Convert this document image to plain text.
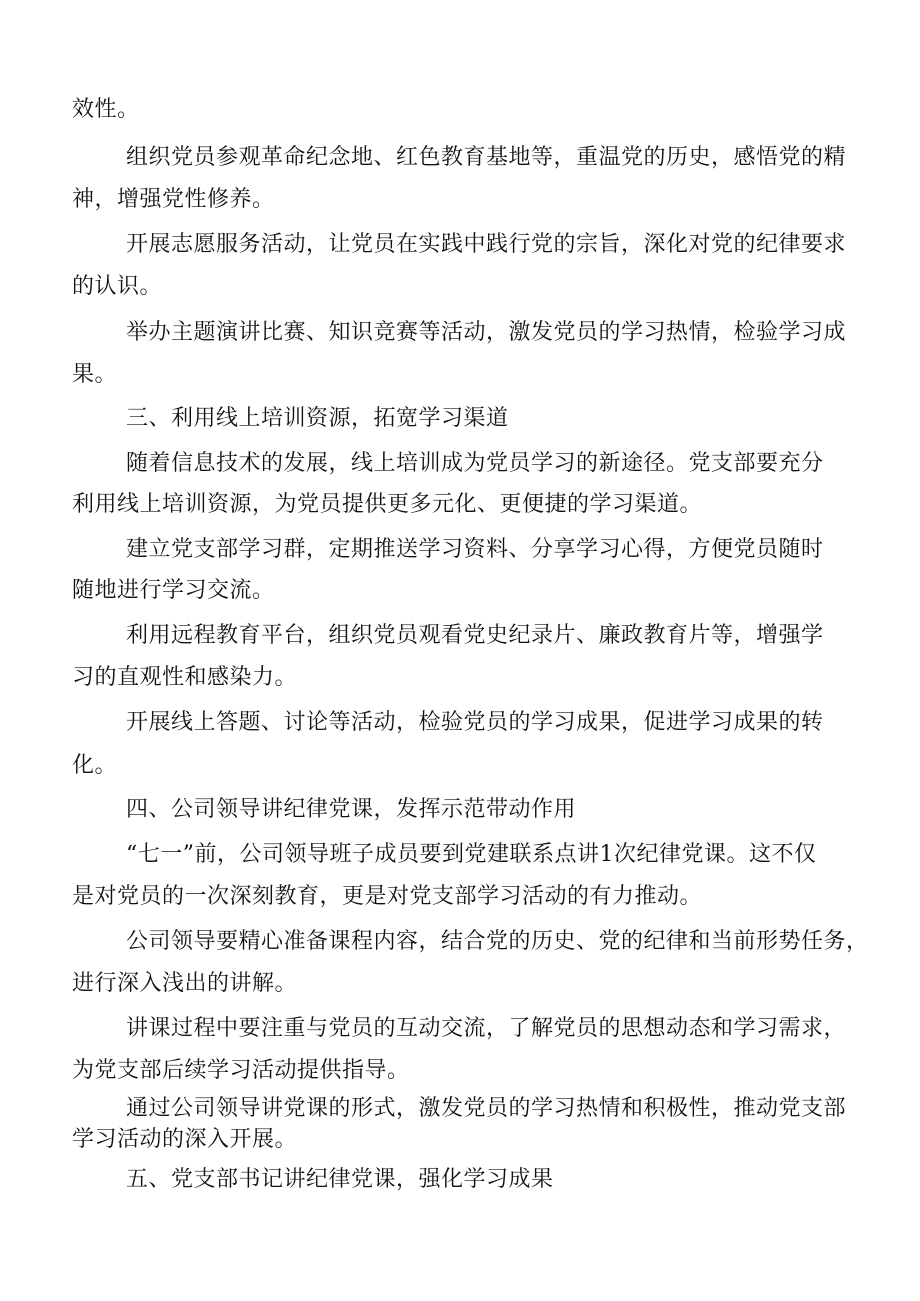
效性。
组织党员参观革命纪念地、红色教育基地等，重温党的历史，感悟党的精
神，增强党性修养。
开展志愿服务活动，让党员在实践中践行党的宗旨，深化对党的纪律要求
的认识。
举办主题演讲比赛、知识竞赛等活动，激发党员的学习热情，检验学习成
果。
三、利用线上培训资源，拓宽学习渠道
随着信息技术的发展，线上培训成为党员学习的新途径。党支部要充分
利用线上培训资源，为党员提供更多元化、更便捷的学习渠道。
建立党支部学习群，定期推送学习资料、分享学习心得，方便党员随时
随地进行学习交流。
利用远程教育平台，组织党员观看党史纪录片、廉政教育片等，增强学
习的直观性和感染力。
开展线上答题、讨论等活动，检验党员的学习成果，促进学习成果的转
化。
四、公司领导讲纪律党课，发挥示范带动作用
“七一”前，公司领导班子成员要到党建联系点讲1次纪律党课。这不仅
是对党员的一次深刻教育，更是对党支部学习活动的有力推动。
公司领导要精心准备课程内容，结合党的历史、党的纪律和当前形势任务，
进行深入浅出的讲解。
讲课过程中要注重与党员的互动交流，了解党员的思想动态和学习需求，
为党支部后续学习活动提供指导。
通过公司领导讲党课的形式，激发党员的学习热情和积极性，推动党支部
学习活动的深入开展。
五、党支部书记讲纪律党课，强化学习成果
